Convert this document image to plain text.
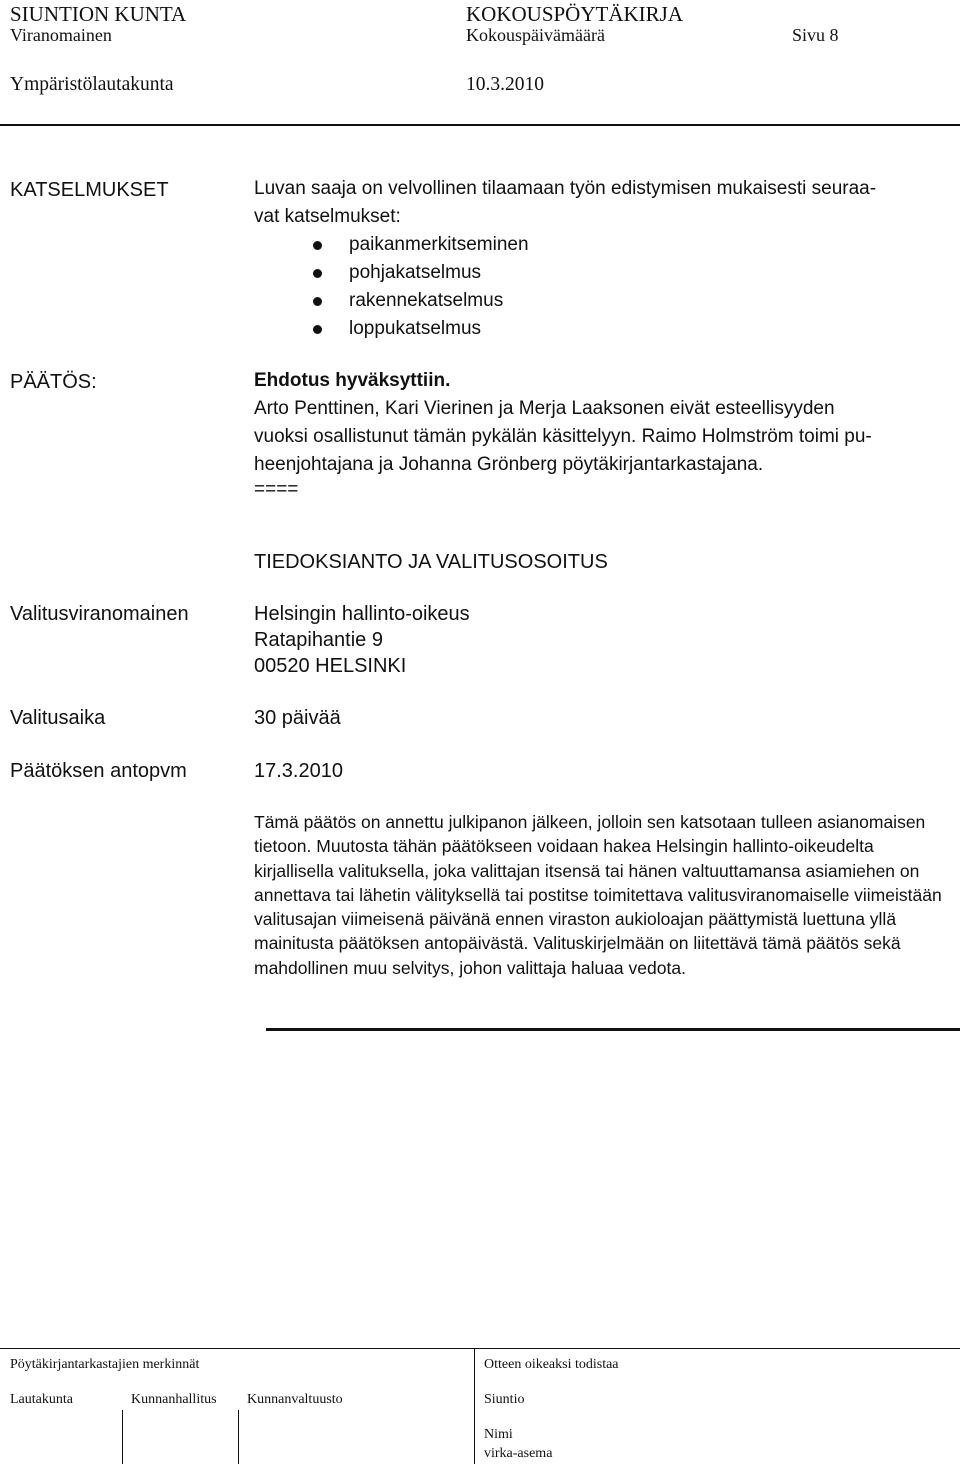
SIUNTION KUNTA	KOKOUSPÖYTÄKIRJA
Viranomainen	Kokouspäivämäärä	Sivu 8
Ympäristölautakunta	10.3.2010
KATSELMUKSET	Luvan saaja on velvollinen tilaamaan työn edistymisen mukaisesti seuraa-
vat katselmukset:
paikanmerkitseminen
pohjakatselmus
rakennekatselmus
loppukatselmus
PÄÄTÖS:	Ehdotus hyväksyttiin.
Arto Penttinen, Kari Vierinen ja Merja Laaksonen eivät esteellisyyden
vuoksi osallistunut tämän pykälän käsittelyyn. Raimo Holmström toimi pu-
heenjohtajana ja Johanna Grönberg pöytäkirjantarkastajana.
====
TIEDOKSIANTO JA VALITUSOSOITUS
Valitusviranomainen	Helsingin hallinto-oikeus
Ratapihantie 9
00520 HELSINKI
Valitusaika	30 päivää
Päätöksen antopvm	17.3.2010
Tämä päätös on annettu julkipanon jälkeen, jolloin sen katsotaan tulleen asianomaisen tietoon. Muutosta tähän päätökseen voidaan hakea Helsingin hallinto-oikeudelta kirjallisella valituksella, joka valittajan itsensä tai hänen valtuuttamansa asiamiehen on annettava tai lähetin välityksellä tai postitse toimitettava valitusviranomaiselle viimeistään valitusajan viimeisenä päivänä ennen viraston aukioloajan päättymistä luettuna yllä mainitusta päätöksen antopäivästä. Valituskirjelmään on liitettävä tämä päätös sekä mahdollinen muu selvitys, johon valittaja haluaa vedota.
Pöytäkirjantarkastajien merkinnät	Otteen oikeaksi todistaa
Lautakunta	Kunnanhallitus Kunnanvaltuusto	Siuntio
Nimi
virka-asema
